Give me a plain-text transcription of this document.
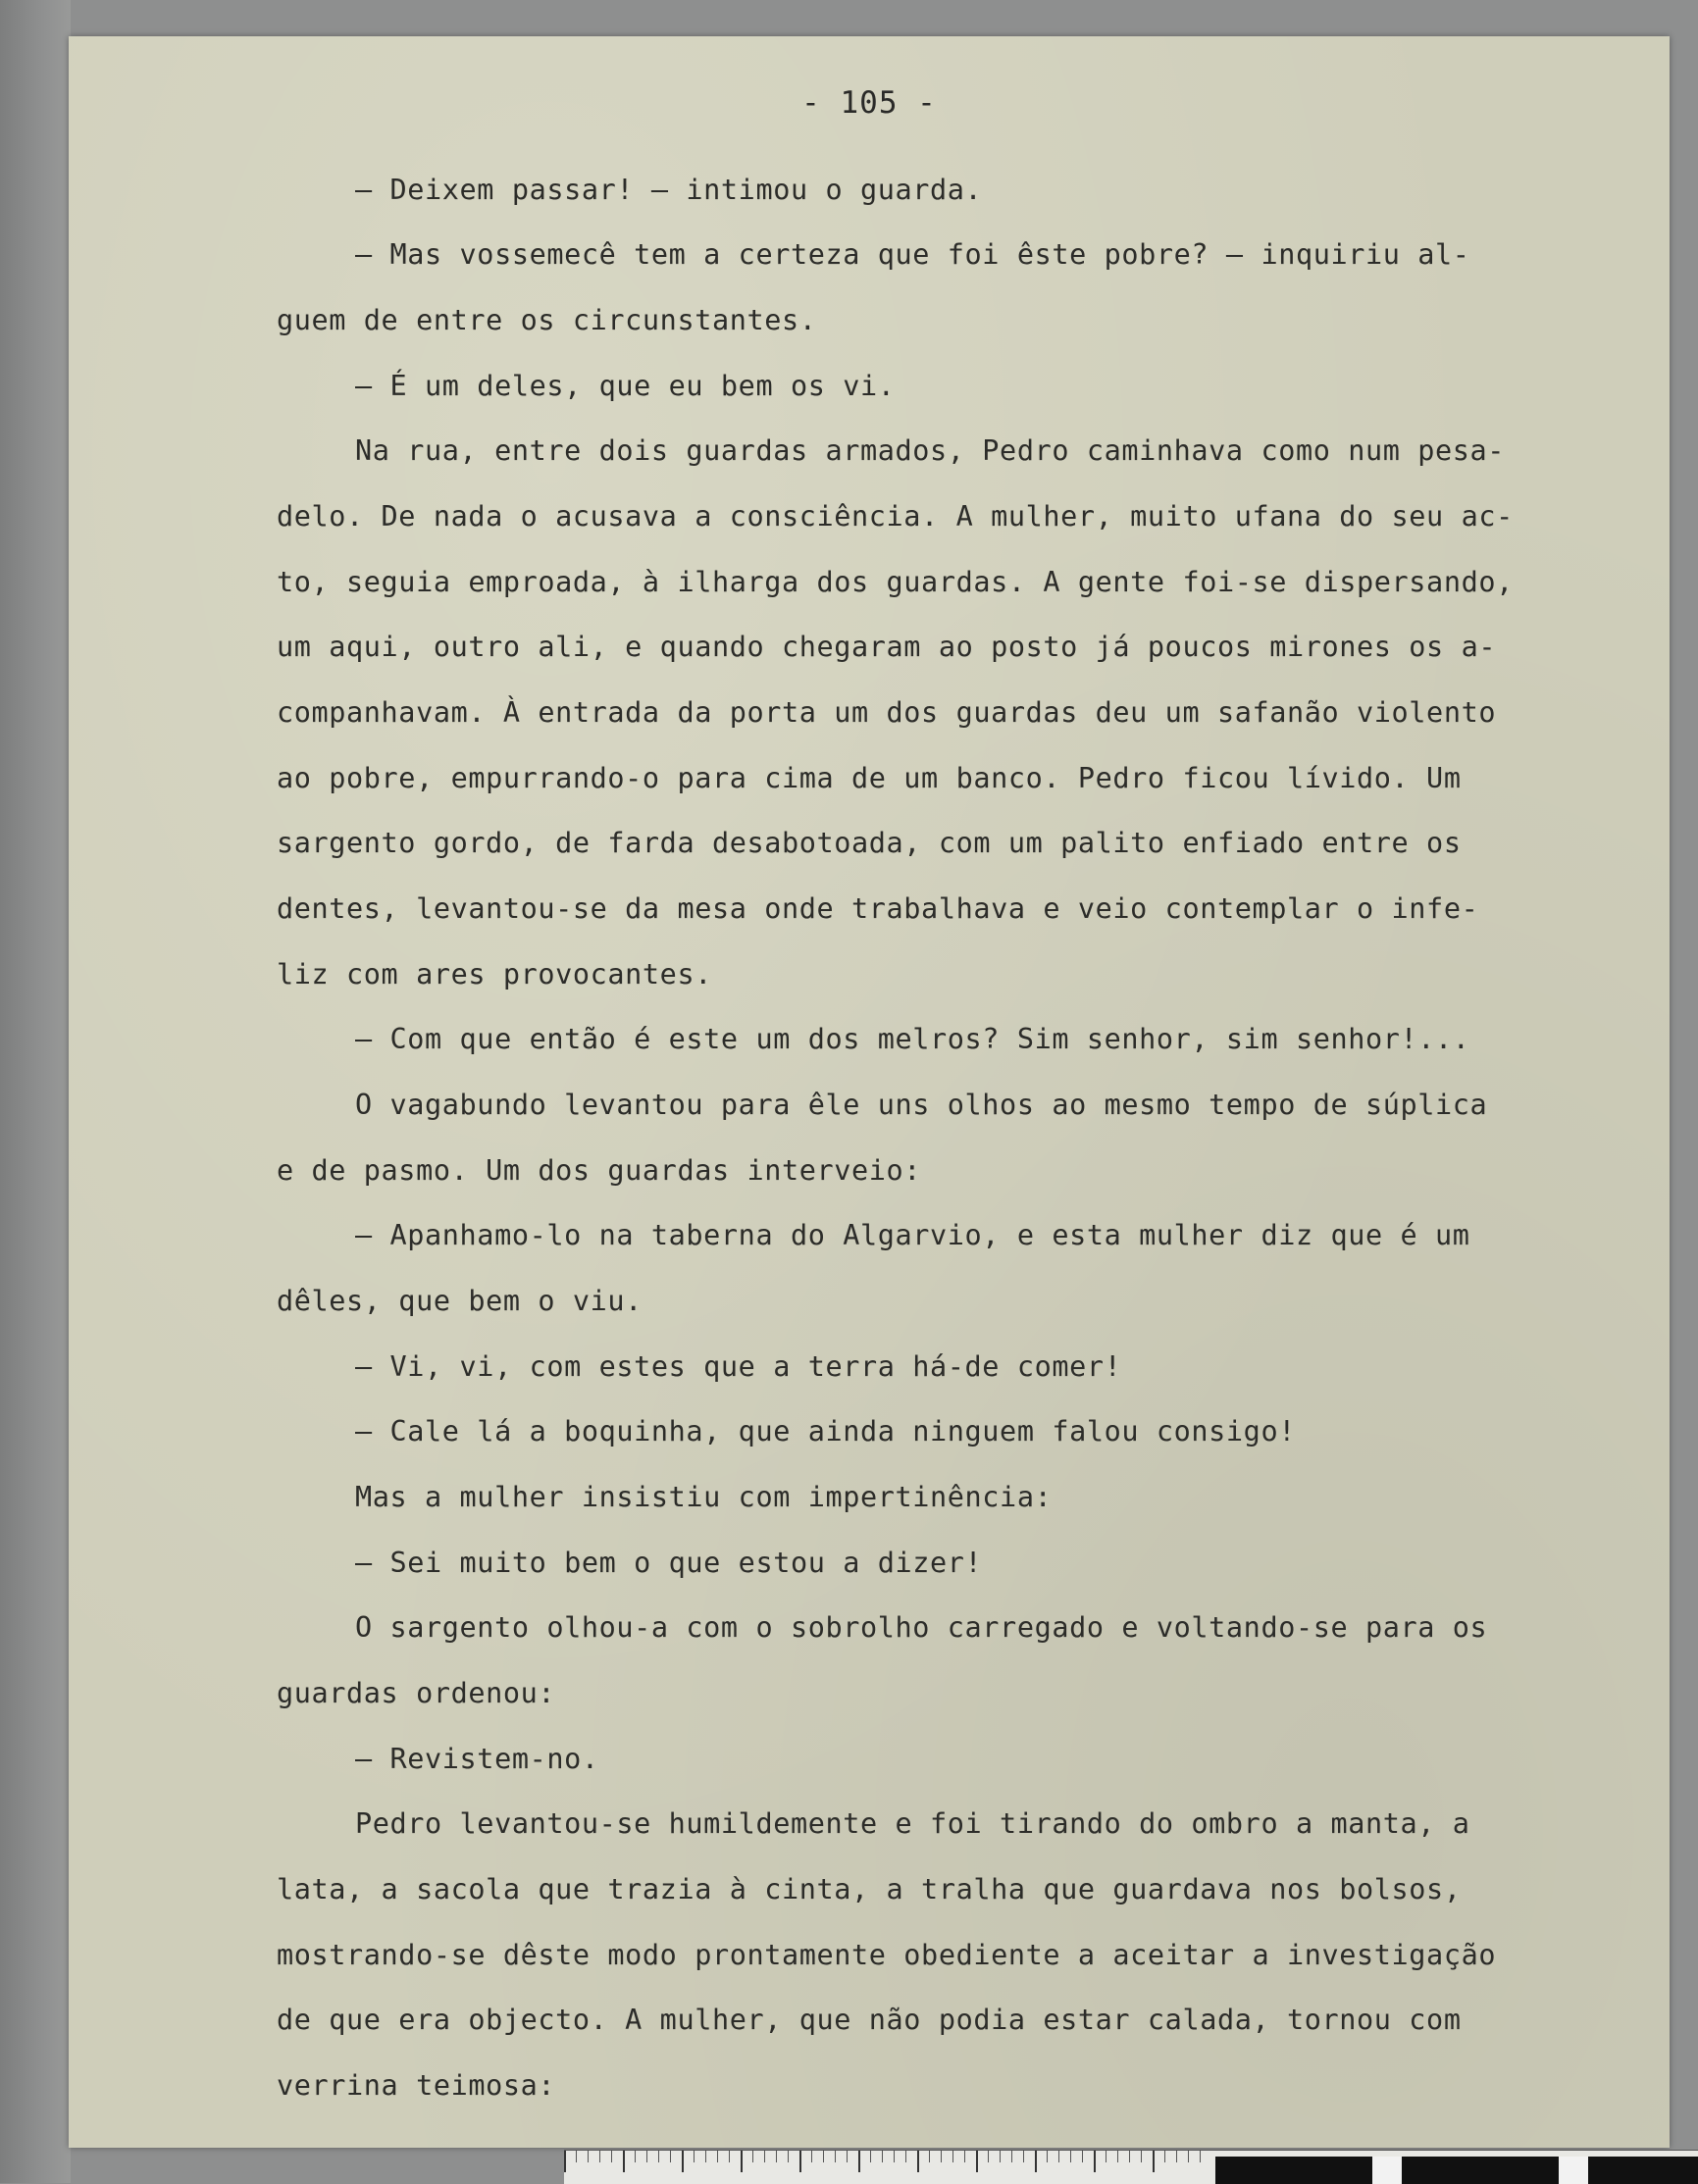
- 105 -
— Deixem passar! — intimou o guarda.
— Mas vossemecê tem a certeza que foi êste pobre? — inquiriu al-
guem de entre os circunstantes.
— É um deles, que eu bem os vi.
Na rua, entre dois guardas armados, Pedro caminhava como num pesa-
delo. De nada o acusava a consciência. A mulher, muito ufana do seu ac-
to, seguia emproada, à ilharga dos guardas. A gente foi-se dispersando,
um aqui, outro ali, e quando chegaram ao posto já poucos mirones os a-
companhavam. À entrada da porta um dos guardas deu um safanão violento
ao pobre, empurrando-o para cima de um banco. Pedro ficou lívido. Um
sargento gordo, de farda desabotoada, com um palito enfiado entre os
dentes, levantou-se da mesa onde trabalhava e veio contemplar o infe-
liz com ares provocantes.
— Com que então é este um dos melros? Sim senhor, sim senhor!...
O vagabundo levantou para êle uns olhos ao mesmo tempo de súplica
e de pasmo. Um dos guardas interveio:
— Apanhamo-lo na taberna do Algarvio, e esta mulher diz que é um
dêles, que bem o viu.
— Vi, vi, com estes que a terra há-de comer!
— Cale lá a boquinha, que ainda ninguem falou consigo!
Mas a mulher insistiu com impertinência:
— Sei muito bem o que estou a dizer!
O sargento olhou-a com o sobrolho carregado e voltando-se para os
guardas ordenou:
— Revistem-no.
Pedro levantou-se humildemente e foi tirando do ombro a manta, a
lata, a sacola que trazia à cinta, a tralha que guardava nos bolsos,
mostrando-se dêste modo prontamente obediente a aceitar a investigação
de que era objecto. A mulher, que não podia estar calada, tornou com
verrina teimosa:
